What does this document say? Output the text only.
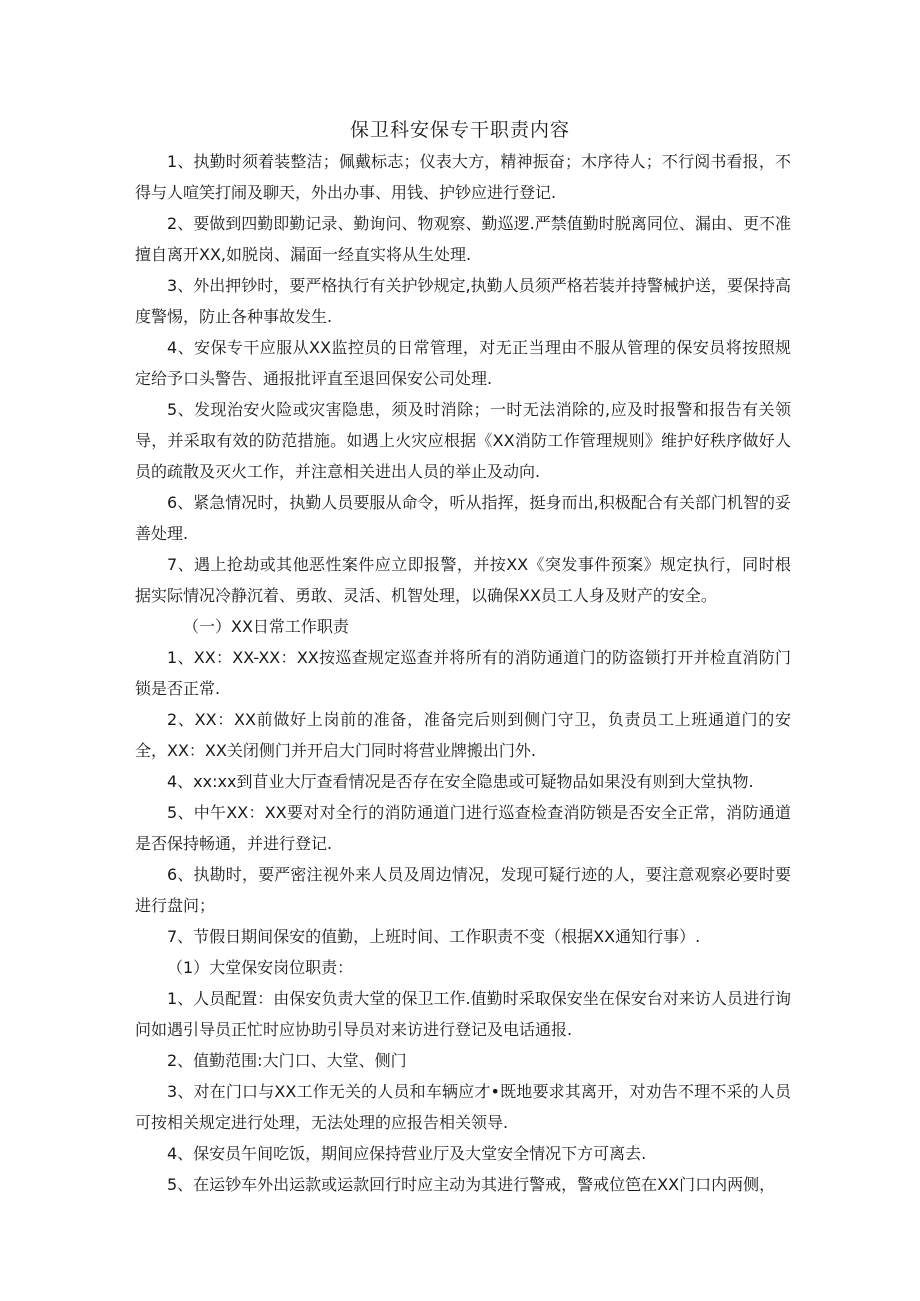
保卫科安保专干职责内容

1、执勤时须着装整洁；佩戴标志；仪表大方，精神振奋；木序待人；不行阅书看报，不得与人喧笑打闹及聊天，外出办事、用钱、护钞应进行登记.

2、要做到四勤即勤记录、勤询问、物观察、勤巡逻.严禁值勤时脱离同位、漏由、更不准擅自离开XX,如脱岗、漏面一经直实将从生处理.

3、外出押钞时，要严格执行有关护钞规定,执勤人员须严格若装并持警械护送，要保持高度警惕，防止各种事故发生.

4、安保专干应服从XX监控员的日常管理，对无正当理由不服从管理的保安员将按照规定给予口头警告、通报批评直至退回保安公司处理.

5、发现治安火险或灾害隐患，须及时消除；一时无法消除的,应及时报警和报告有关领导，并采取有效的防范措施。如遇上火灾应根据《XX消防工作管理规则》维护好秩序做好人员的疏散及灭火工作，并注意相关进出人员的举止及动向.

6、紧急情况时，执勤人员要服从命令，听从指挥，挺身而出,积极配合有关部门机智的妥善处理.

7、遇上抢劫或其他恶性案件应立即报警，并按XX《突发事件预案》规定执行，同时根据实际情况冷静沉着、勇敢、灵活、机智处理，以确保XX员工人身及财产的安全。

（一）XX日常工作职责

1、XX：XX-XX：XX按巡查规定巡查并将所有的消防通道门的防盗锁打开并检直消防门锁是否正常.

2、XX：XX前做好上岗前的准备，准备完后则到侧门守卫，负责员工上班通道门的安全，XX：XX关闭侧门并开启大门同时将营业牌搬出门外.

4、xx:xx到苜业大厅查看情况是否存在安全隐患或可疑物品如果没有则到大堂执物.

5、中午XX：XX要对对全行的消防通道门进行巡查检查消防锁是否安全正常，消防通道是否保持畅通，并进行登记.

6、执勘时，要严密注视外来人员及周边情况，发现可疑行迹的人，要注意观察必要时要进行盘问；

7、节假日期间保安的值勤，上班时间、工作职责不变（根据XX通知行事）.

（1）大堂保安岗位职责：

1、人员配置：由保安负责大堂的保卫工作.值勤时采取保安坐在保安台对来访人员进行询问如遇引导员正忙时应协助引导员对来访进行登记及电话通报.

2、值勤范围:大门口、大堂、侧门

3、对在门口与XX工作无关的人员和车辆应才•既地要求其离开，对劝告不理不采的人员可按相关规定进行处理，无法处理的应报告相关领导.

4、保安员午间吃饭，期间应保持营业厅及大堂安全情况下方可离去.

5、在运钞车外出运款或运款回行时应主动为其进行警戒，警戒位笆在XX门口内两侧，
